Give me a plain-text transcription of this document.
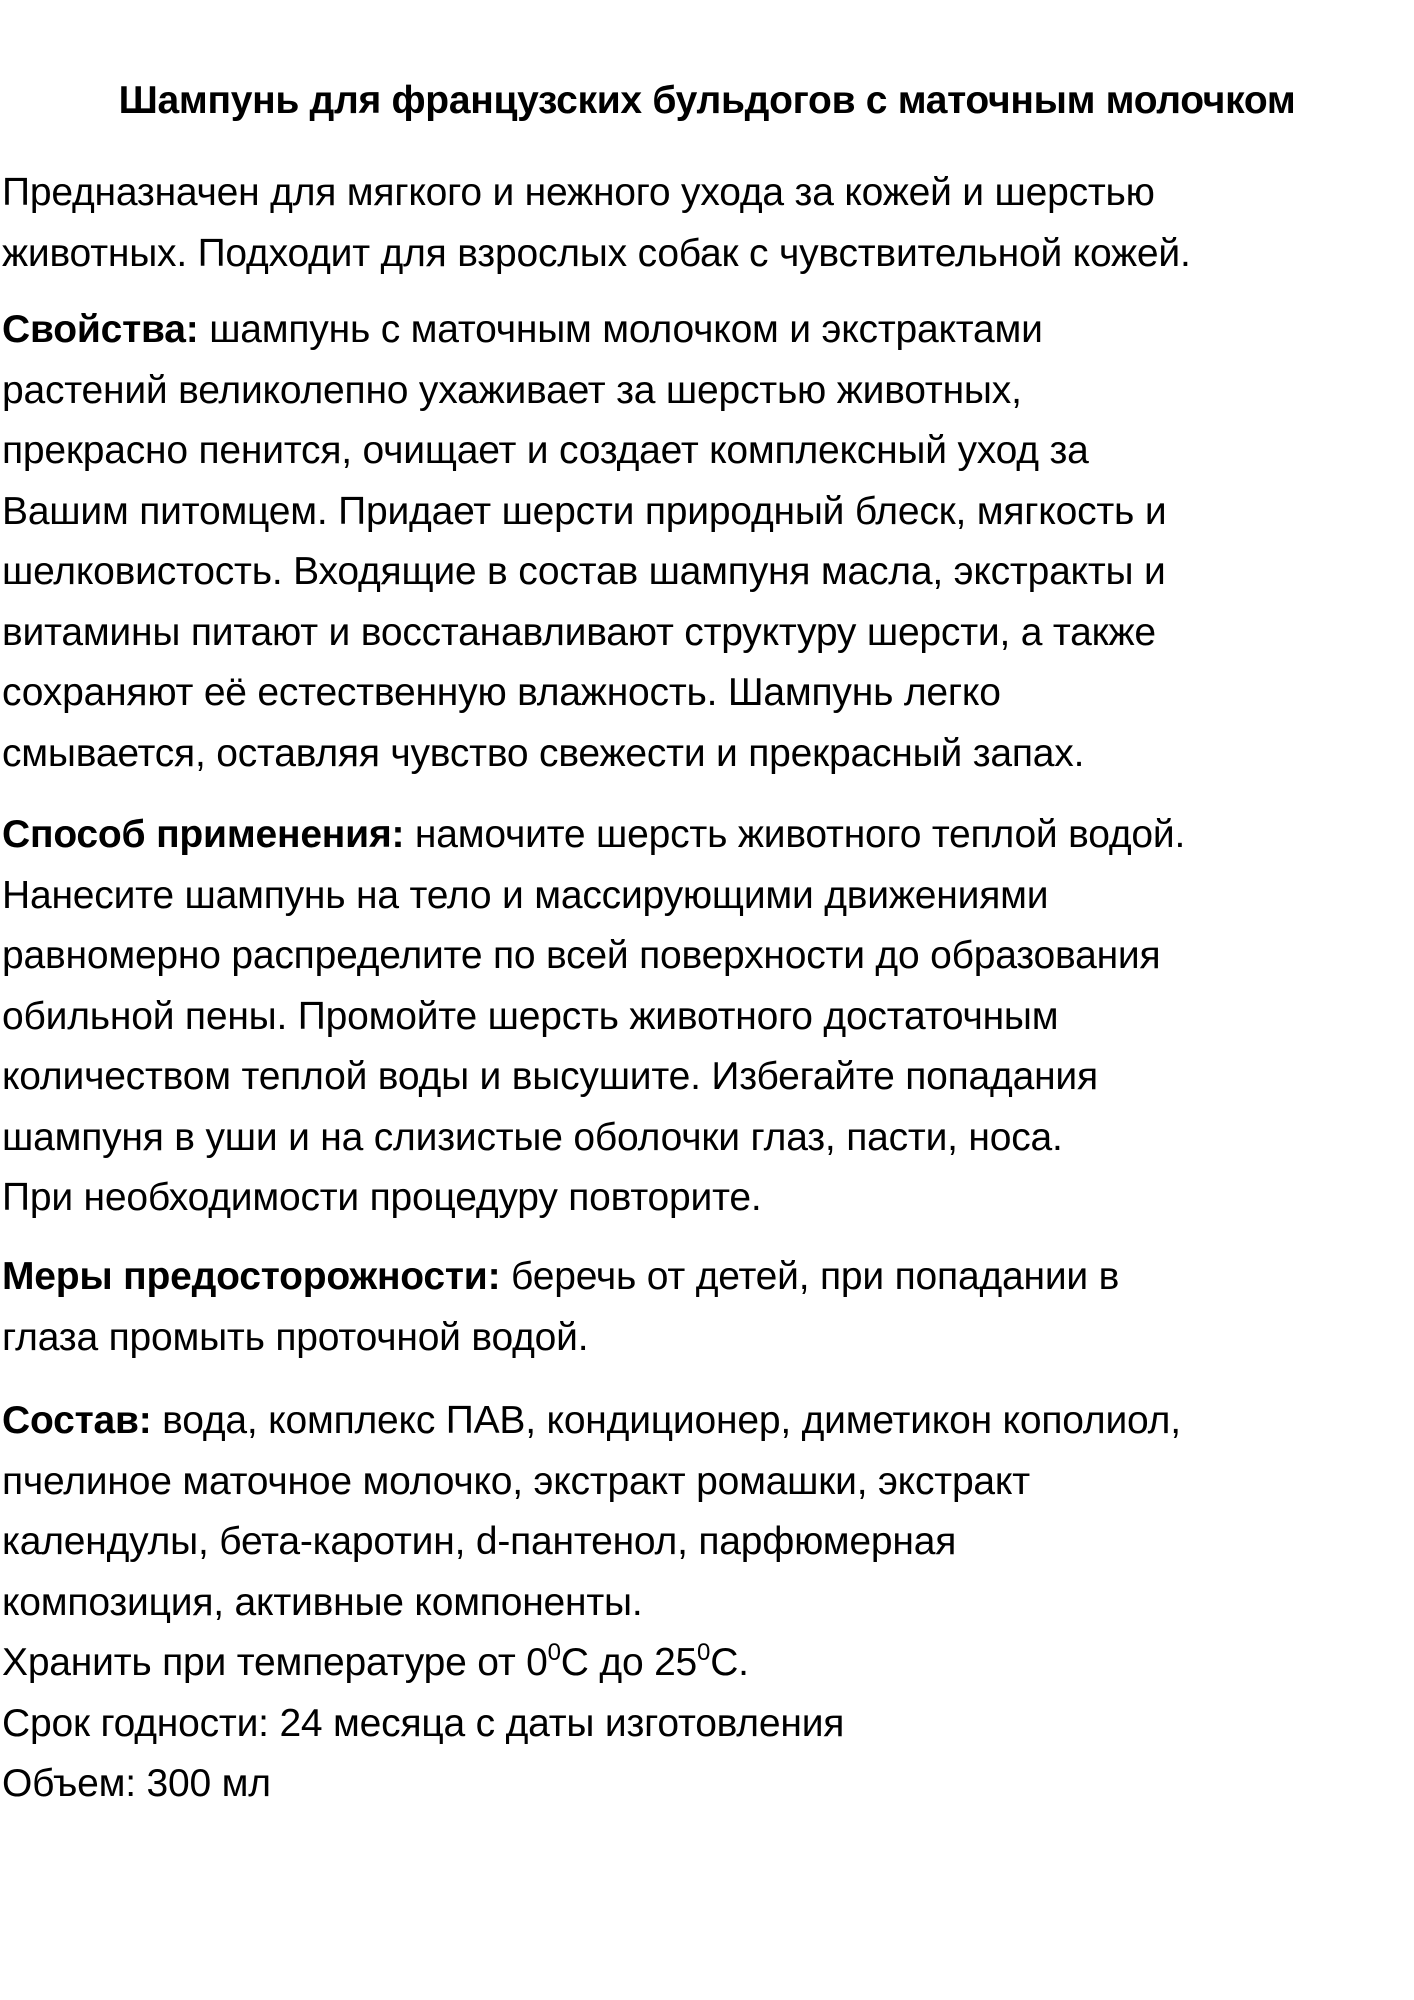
Шампунь для французских бульдогов с маточным молочком
Предназначен для мягкого и нежного ухода за кожей и шерстью
животных. Подходит для взрослых собак с чувствительной кожей.
Свойства: шампунь с маточным молочком и экстрактами
растений великолепно ухаживает за шерстью животных,
прекрасно пенится, очищает и создает комплексный уход за
Вашим питомцем. Придает шерсти природный блеск, мягкость и
шелковистость. Входящие в состав шампуня масла, экстракты и
витамины питают и восстанавливают структуру шерсти, а также
сохраняют её естественную влажность. Шампунь легко
смывается, оставляя чувство свежести и прекрасный запах.
Способ применения: намочите шерсть животного теплой водой.
Нанесите шампунь на тело и массирующими движениями
равномерно распределите по всей поверхности до образования
обильной пены. Промойте шерсть животного достаточным
количеством теплой воды и высушите. Избегайте попадания
шампуня в уши и на слизистые оболочки глаз, пасти, носа.
При необходимости процедуру повторите.
Меры предосторожности: беречь от детей, при попадании в
глаза промыть проточной водой.
Состав: вода, комплекс ПАВ, кондиционер, диметикон кополиол,
пчелиное маточное молочко, экстракт ромашки, экстракт
календулы, бета-каротин, d-пантенол, парфюмерная
композиция, активные компоненты.
Хранить при температуре от $0^0С$ до $25^0С$.
Срок годности: 24 месяца с даты изготовления
Объем: 300 мл
